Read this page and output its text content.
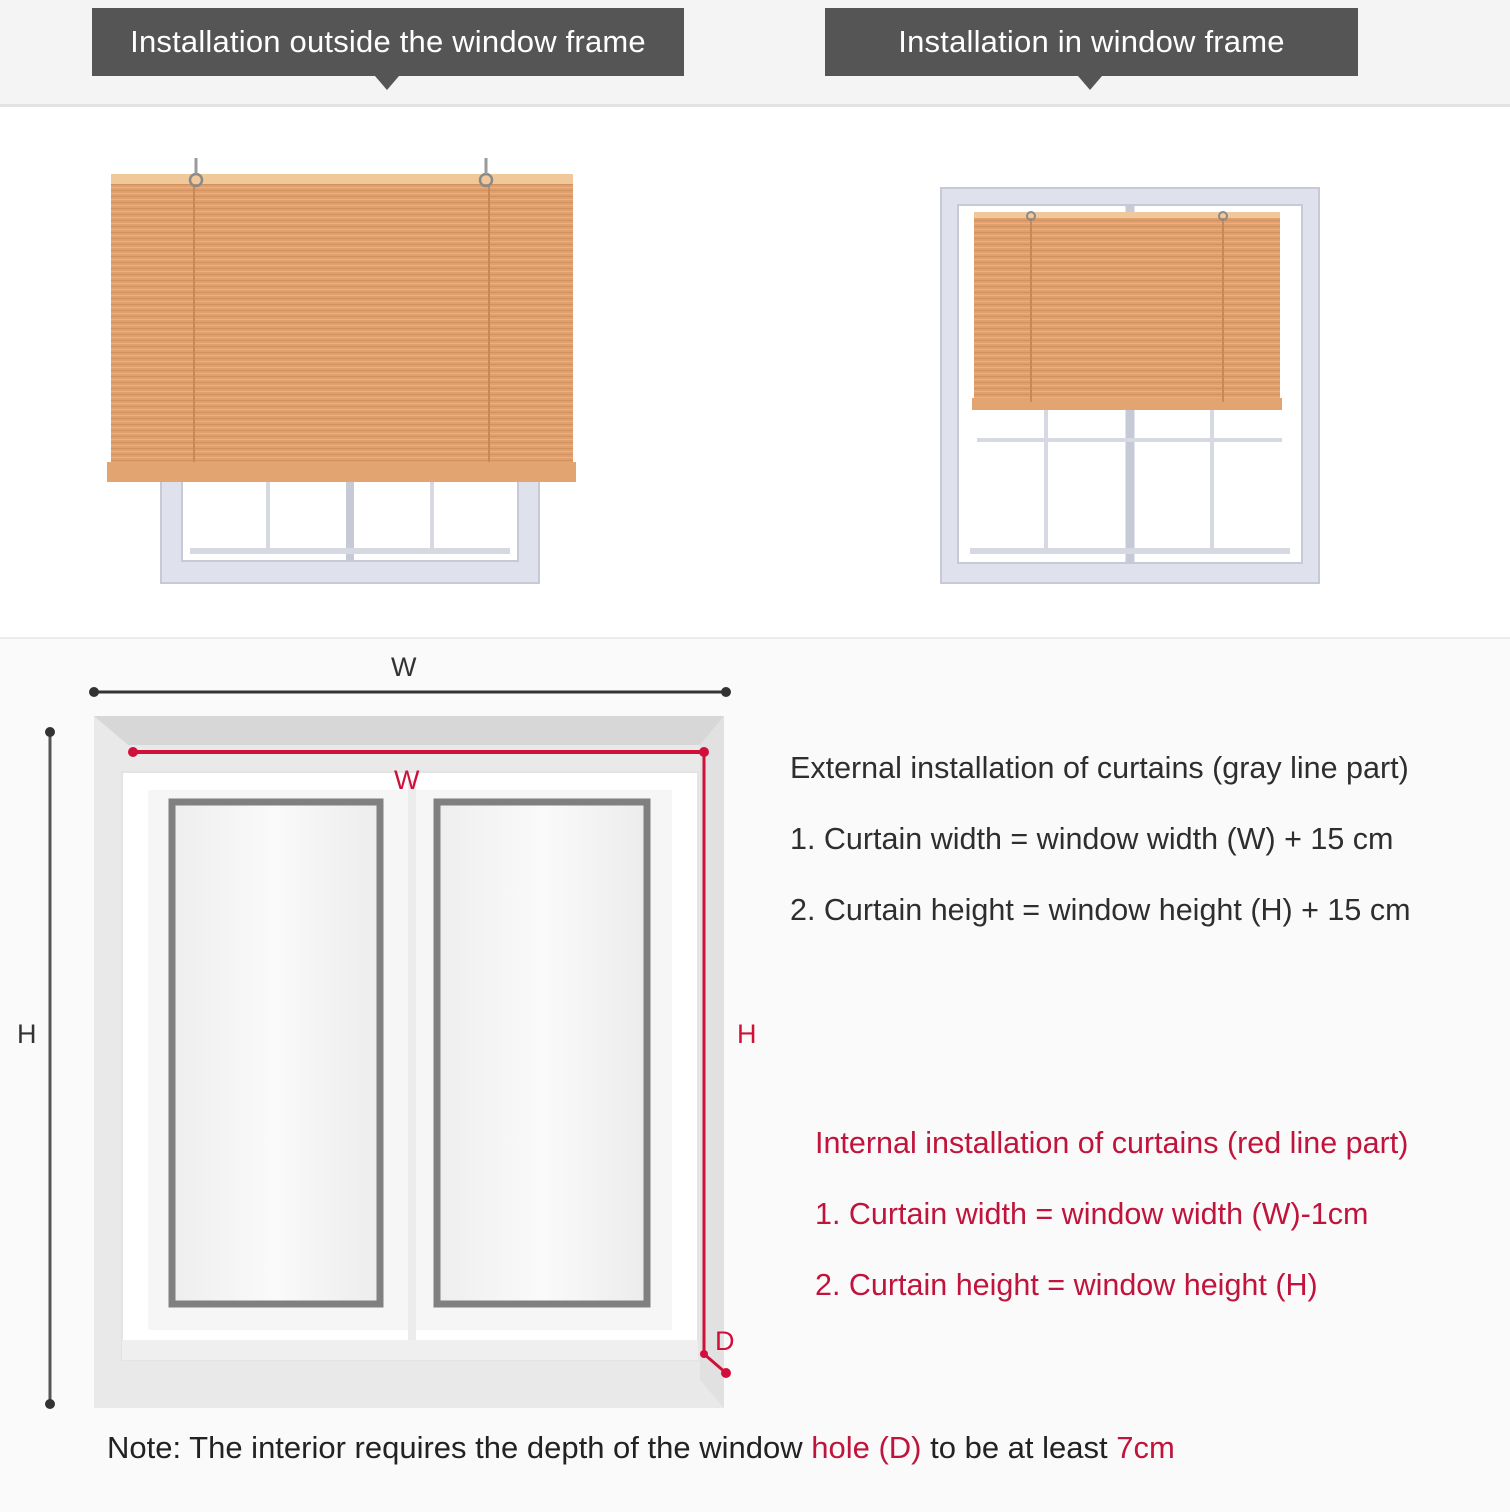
Installation outside the window frame	Installation in window frame
W
H
W
H
D
External installation of curtains (gray line part)
1. Curtain width = window width (W) + 15 cm
2. Curtain height = window height (H) + 15 cm
Internal installation of curtains (red line part)
1. Curtain width = window width (W)-1cm
2. Curtain height = window height (H)
Note: The interior requires the depth of the window hole (D) to be at least 7cm
